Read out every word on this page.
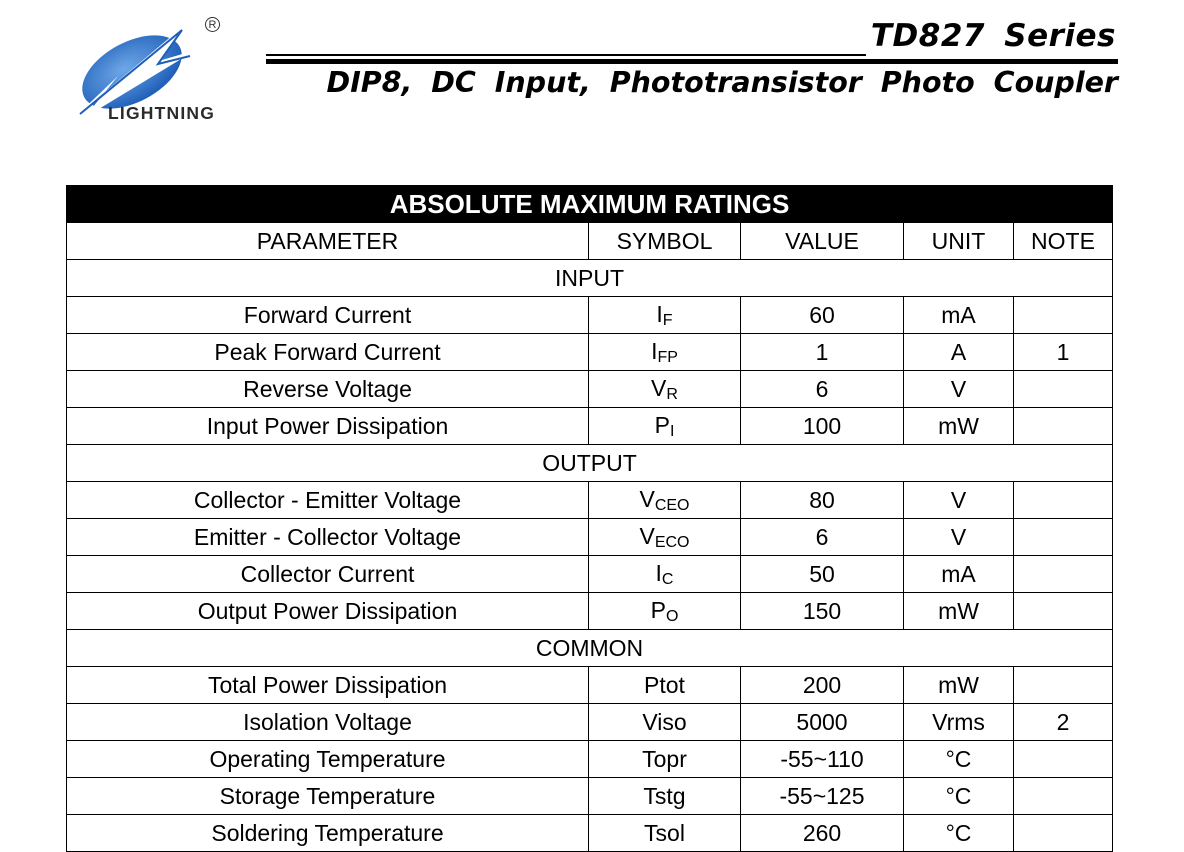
R
LIGHTNING
TD827 Series
DIP8, DC Input, Phototransistor Photo Coupler
ABSOLUTE MAXIMUM RATINGS				
PARAMETER	SYMBOL	VALUE	UNIT	NOTE
INPUT				
Forward Current	IF	60	mA	
Peak Forward Current	IFP	1	A	1
Reverse Voltage	VR	6	V	
Input Power Dissipation	PI	100	mW	
OUTPUT				
Collector - Emitter Voltage	VCEO	80	V	
Emitter - Collector Voltage	VECO	6	V	
Collector Current	IC	50	mA	
Output Power Dissipation	PO	150	mW	
COMMON				
Total Power Dissipation	Ptot	200	mW	
Isolation Voltage	Viso	5000	Vrms	2
Operating Temperature	Topr	-55~110	°C	
Storage Temperature	Tstg	-55~125	°C	
Soldering Temperature	Tsol	260	°C	
